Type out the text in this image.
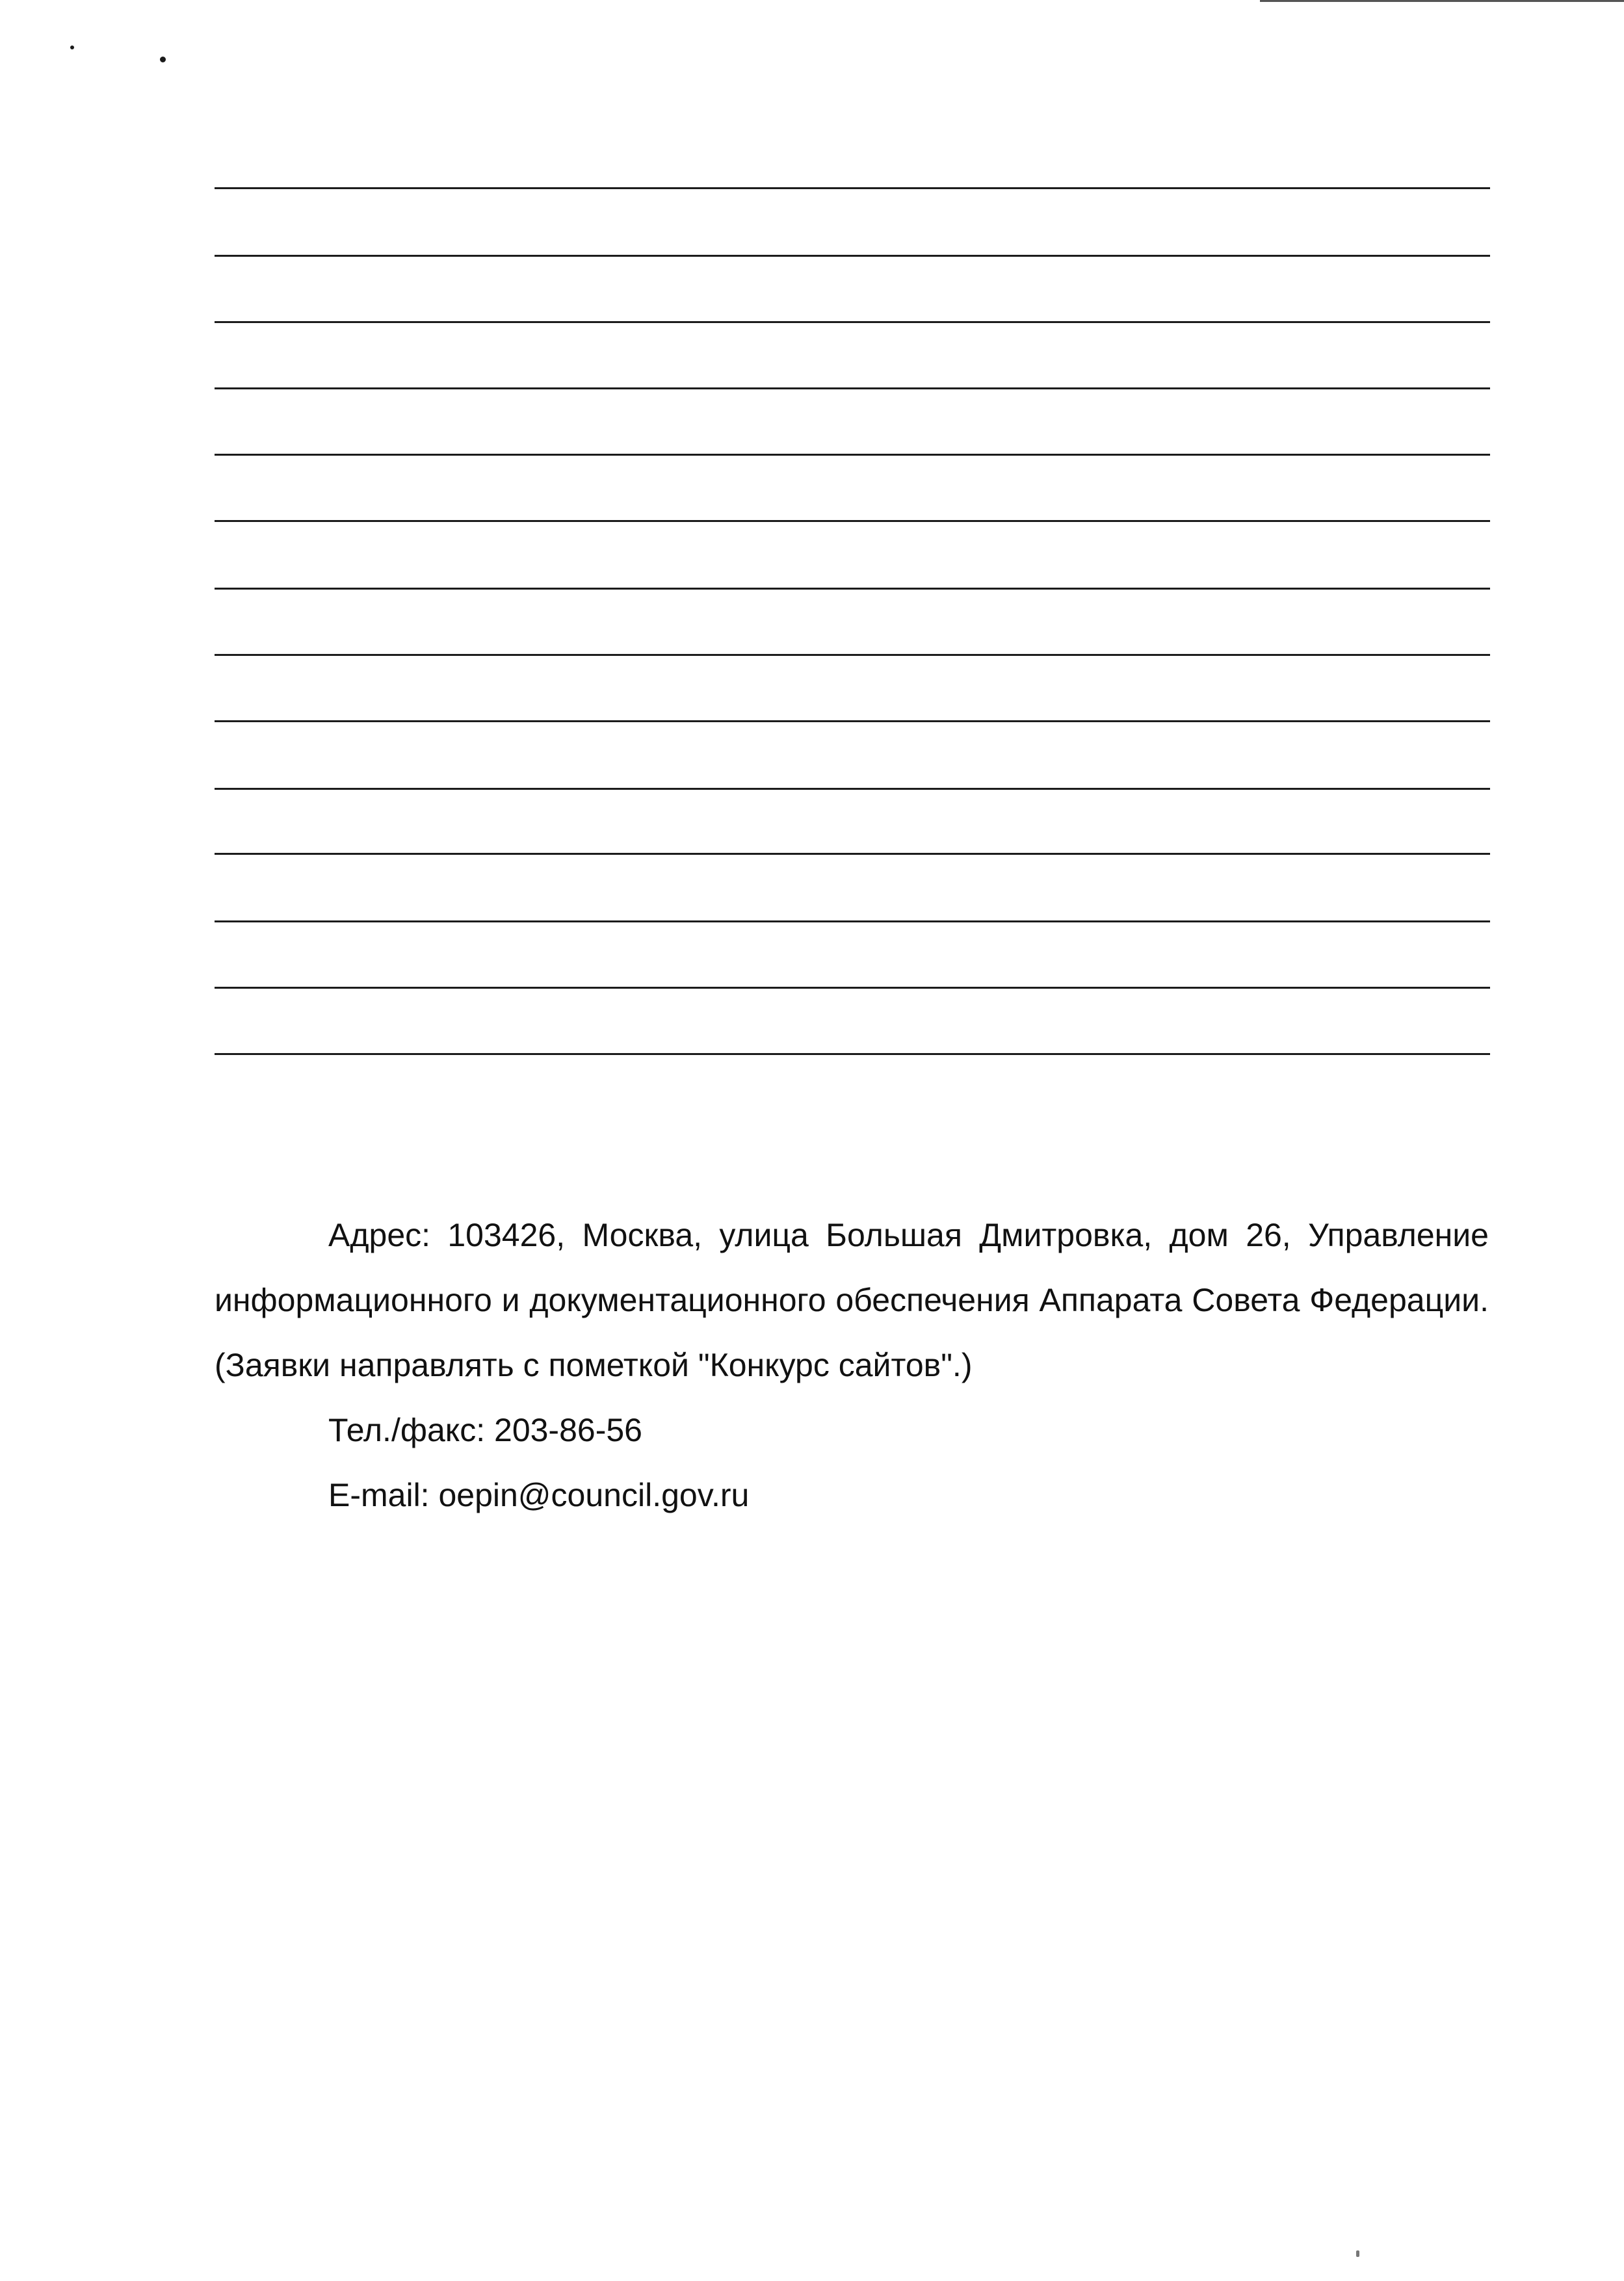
Адрес: 103426, Москва, улица Большая Дмитровка, дом 26, Управление информационного и документационного обеспечения Аппарата Совета Федерации. (Заявки направлять с пометкой "Конкурс сайтов".)

Тел./факс: 203-86-56

E-mail: oepin@council.gov.ru
